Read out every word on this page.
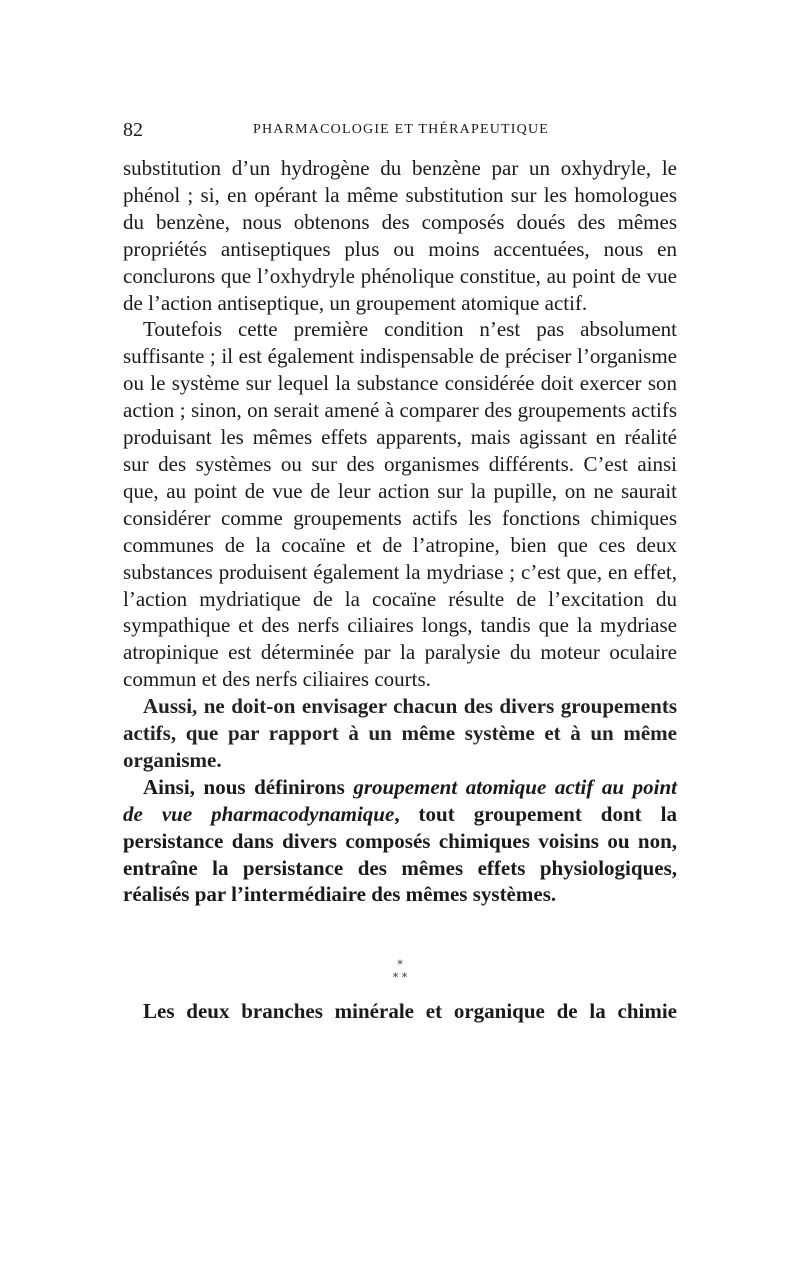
82	PHARMACOLOGIE ET THÉRAPEUTIQUE

substitution d’un hydrogène du benzène par un oxhydryle, le phénol ; si, en opérant la même substitution sur les homologues du benzène, nous obtenons des composés doués des mêmes propriétés antiseptiques plus ou moins accentuées, nous en conclurons que l’oxhydryle phénolique constitue, au point de vue de l’action antiseptique, un groupement atomique actif.

Toutefois cette première condition n’est pas absolument suffisante ; il est également indispensable de préciser l’organisme ou le système sur lequel la substance considérée doit exercer son action ; sinon, on serait amené à comparer des groupements actifs produisant les mêmes effets apparents, mais agissant en réalité sur des systèmes ou sur des organismes différents. C’est ainsi que, au point de vue de leur action sur la pupille, on ne saurait considérer comme groupements actifs les fonctions chimiques communes de la cocaïne et de l’atropine, bien que ces deux substances produisent également la mydriase ; c’est que, en effet, l’action mydriatique de la cocaïne résulte de l’excitation du sympathique et des nerfs ciliaires longs, tandis que la mydriase atropinique est déterminée par la paralysie du moteur oculaire commun et des nerfs ciliaires courts.

Aussi, ne doit-on envisager chacun des divers groupements actifs, que par rapport à un même système et à un même organisme.

Ainsi, nous définirons groupement atomique actif au point de vue pharmacodynamique, tout groupement dont la persistance dans divers composés chimiques voisins ou non, entraîne la persistance des mêmes effets physiologiques, réalisés par l’intermédiaire des mêmes systèmes.

*
* *
Les deux branches minérale et organique de la chimie
